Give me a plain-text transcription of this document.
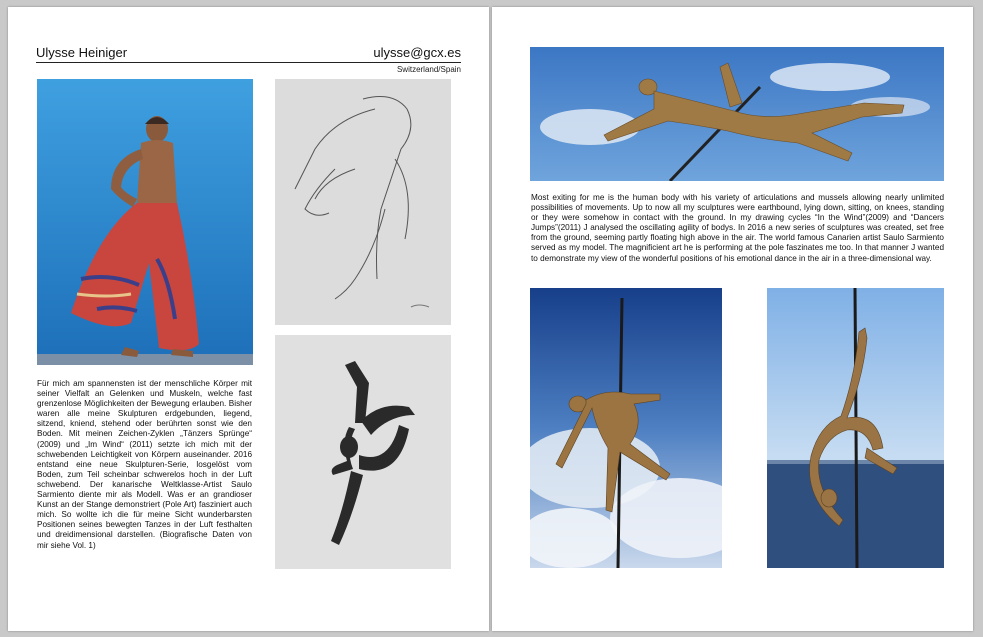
Ulysse Heiniger	ulysse@gcx.es
Switzerland/Spain

Für mich am spannensten ist der menschliche Körper mit seiner Vielfalt an Gelenken und Muskeln, welche fast grenzenlose Möglichkeiten der Bewegung erlauben. Bisher waren alle meine Skulpturen erdgebunden, liegend, sitzend, kniend, stehend oder berührten sonst wie den Boden. Mit meinen Zeichen-Zyklen „Tänzers Sprünge“ (2009) und „Im Wind“ (2011) setzte ich mich mit der schwebenden Leichtigkeit von Körpern auseinander. 2016 entstand eine neue Skulpturen-Serie, losgelöst vom Boden, zum Teil scheinbar schwerelos hoch in der Luft schwebend. Der kanarische Weltklasse-Artist Saulo Sarmiento diente mir als Modell. Was er an grandioser Kunst an der Stange demonstriert (Pole Art) fasziniert auch mich. So wollte ich die für meine Sicht wunderbarsten Positionen seines bewegten Tanzes in der Luft festhalten und dreidimensional darstellen. (Biografische Daten von mir siehe Vol. 1)

Most exiting for me is the human body with his variety of articulations and mussels allowing nearly unlimited possibilities of movements. Up to now all my sculptures were earthbound, lying down, sitting, on knees, standing or they were somehow in contact with the ground. In my drawing cycles “In the Wind”(2009) and “Dancers Jumps”(2011) J analysed the oscillating agility of bodys. In 2016 a new series of sculptures was created, set free from the ground, seeming partly floating high above in the air. The world famous Canarien artist Saulo Sarmiento served as my model. The magnificient art he is performing at the pole faszinates me too. In that manner J wanted to demonstrate my view of the wonderful positions of his emotional dance in the air in a three-dimensional way.
